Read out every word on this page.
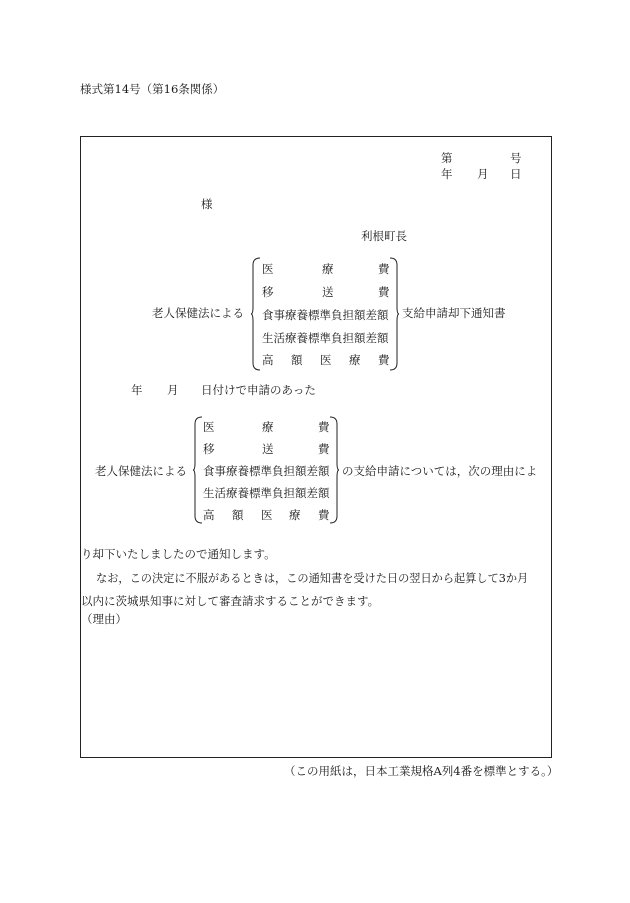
様式第14号（第16条関係）
第	号
年 月 日
様
利根町長
老人保健法による
医	療	費
移	送	費
食事療養標準負担額差額
生活療養標準負担額差額
高 額 医 療 費
支給申請却下通知書
年 月 日付けで申請のあった
老人保健法による
医	療	費
移	送	費
食事療養標準負担額差額
生活療養標準負担額差額
高 額 医 療 費
の支給申請については，次の理由によ
り却下いたしましたので通知します。
なお，この決定に不服があるときは，この通知書を受けた日の翌日から起算して3か月
以内に茨城県知事に対して審査請求することができます。
（理由）
（この用紙は，日本工業規格A列4番を標準とする。）
